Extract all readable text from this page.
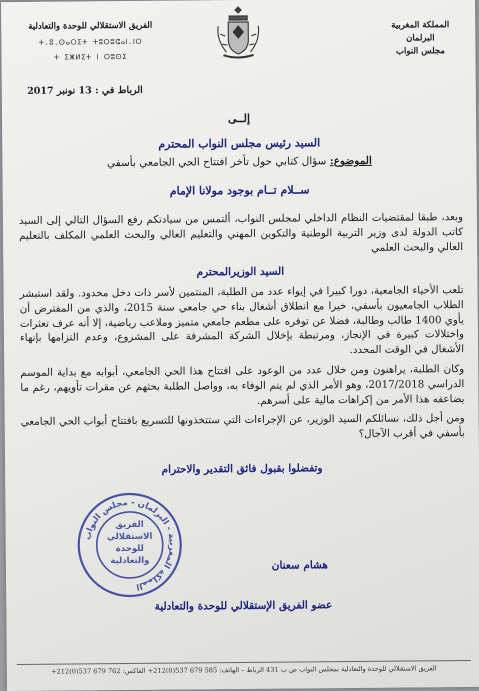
المملكة المغربية
البرلمان
مجلس النواب
الفريق الاستقلالي للوحدة والتعادلية
ⵜ.ⵓ.ⵙⴰⵔⵉⵜ ⵜⵓⵔⵓⵛⴰⵏ.ⵏⵔ
ⵜ ⵉⵥⵍⵉⵜ ⵏ ⵔⵓⵙⵉ
الرباط في : 13 نونبر 2017
إلــى
السيد رئيس مجلس النواب المحترم
الموضوع: سؤال كتابي حول تأخر افتتاح الحي الجامعي بأسفي
ســلام تــام بوجود مولانا الإمام
وبعد، طبقا لمقتضيات النظام الداخلي لمجلس النواب، ألتمس من سيادتكم رفع السؤال التالي إلى السيد كاتب الدولة لدى وزير التربية الوطنية والتكوين المهني والتعليم العالي والبحث العلمي المكلف بالتعليم العالي والبحث العلمي
السيد الوزيرالمحترم
تلعب الأحياء الجامعية، دورا كبيرا في إيواء عدد من الطلبة، المنتمين لأسر ذات دخل محدود. ولقد استبشر الطلاب الجامعيون بأسفي، خيرا مع انطلاق أشغال بناء حي جامعي سنة 2015، والذي من المفترض أن يأوي 1400 طالب وطالبة، فضلا عن توفره على مطعم جامعي متميز وملاعب رياضية، إلا أنه عرف تعثرات واختلالات كبيرة في الإنجاز، ومرتبطة بإخلال الشركة المشرفة على المشروع، وعدم التزامها بإنهاء الأشغال في الوقت المحدد.
وكان الطلبة، يراهنون ومن خلال عدد من الوعود على افتتاح هذا الحي الجامعي، أبوابه مع بداية الموسم الدراسي 2017/2018، وهو الأمر الذي لم يتم الوفاء به، وواصل الطلبة بحثهم عن مقرات تأويهم، رغم ما يضاعفه هذا الأمر من إكراهات مالية على أسرهم.
ومن أجل ذلك، نسائلكم السيد الوزير، عن الإجراءات التي ستتخذونها للتسريع بافتتاح أبواب الحي الجامعي بأسفي في أقرب الآجال؟
وتفضلوا بقبول فائق التقدير والاحترام
المملكة المغربية - البرلمان - مجلس النواب
الفريق
الاستقلالي
للوحدة
والتعادلية	هشام سعنان
عضو الفريق الإستقلالي للوحدة والتعادلية
الفريق الاستقلالي للوحدة والتعادلية بمجلس النواب ص ب 431 الرباط – الهاتف: 585 679 537(0)212+ الفاكس: 762 679 537(0)212+
